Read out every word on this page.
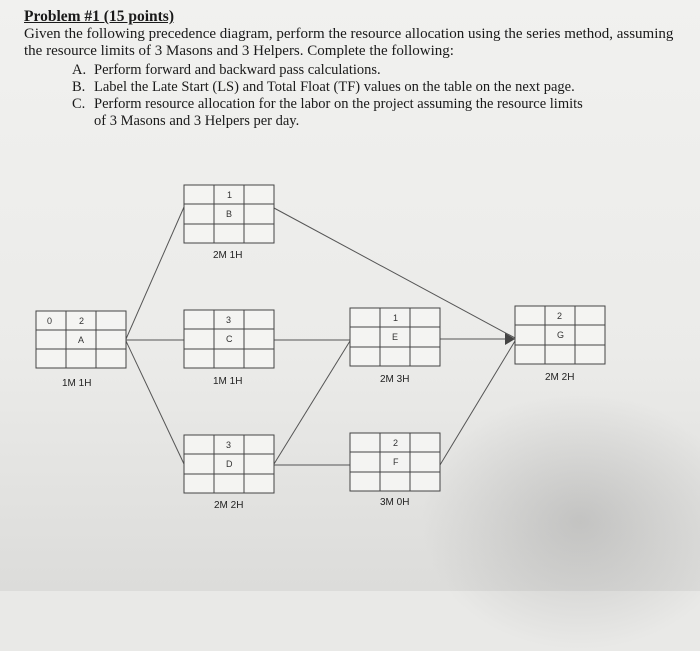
Problem #1 (15 points)
Given the following precedence diagram, perform the resource allocation using the series method, assuming the resource limits of 3 Masons and 3 Helpers. Complete the following:
A. Perform forward and backward pass calculations.
B. Label the Late Start (LS) and Total Float (TF) values on the table on the next page.
C. Perform resource allocation for the labor on the project assuming the resource limits
of 3 Masons and 3 Helpers per day.
0	2
A
1M 1H
1
B
2M 1H
3
C
1M 1H
3
D
2M 2H
1
E
2M 3H
2
F
3M 0H
2
G
2M 2H
